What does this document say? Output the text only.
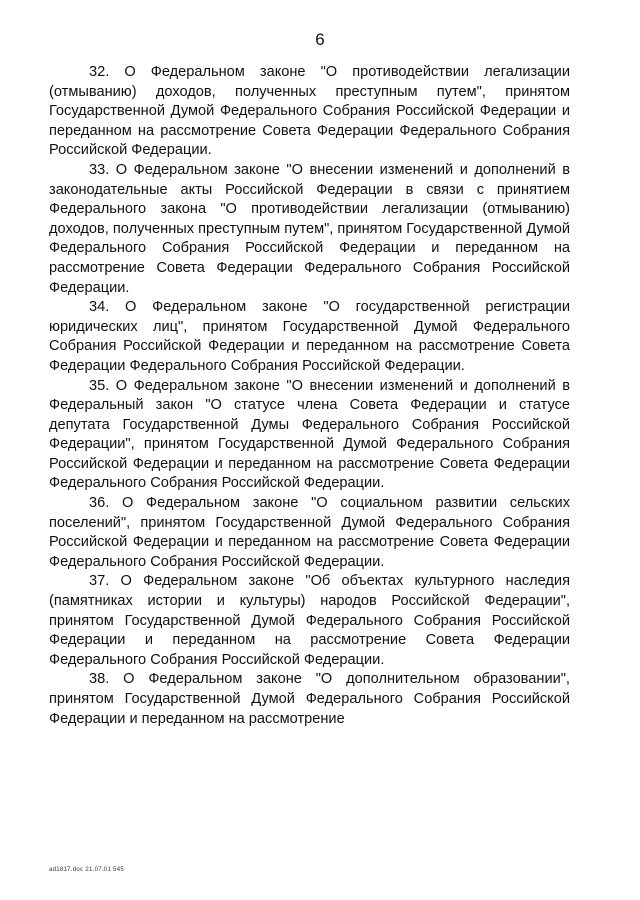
6

32. О Федеральном законе "О противодействии легализации (отмыванию) доходов, полученных преступным путем", принятом Государственной Думой Федерального Собрания Российской Федерации и переданном на рассмотрение Совета Федерации Федерального Собрания Российской Федерации.

33. О Федеральном законе "О внесении изменений и дополнений в законодательные акты Российской Федерации в связи с принятием Федерального закона "О противодействии легализации (отмыванию) доходов, полученных преступным путем", принятом Государственной Думой Федерального Собрания Российской Федерации и переданном на рассмотрение Совета Федерации Федерального Собрания Российской Федерации.

34. О Федеральном законе "О государственной регистрации юридических лиц", принятом Государственной Думой Федерального Собрания Российской Федерации и переданном на рассмотрение Совета Федерации Федерального Собрания Российской Федерации.

35. О Федеральном законе "О внесении изменений и дополнений в Федеральный закон "О статусе члена Совета Федерации и статусе депутата Государственной Думы Федерального Собрания Российской Федерации", принятом Государственной Думой Федерального Собрания Российской Федерации и переданном на рассмотрение Совета Федерации Федерального Собрания Российской Федерации.

36. О Федеральном законе "О социальном развитии сельских поселений", принятом Государственной Думой Федерального Собрания Российской Федерации и переданном на рассмотрение Совета Федерации Федерального Собрания Российской Федерации.

37. О Федеральном законе "Об объектах культурного наследия (памятниках истории и культуры) народов Российской Федерации", принятом Государственной Думой Федерального Собрания Российской Федерации и переданном на рассмотрение Совета Федерации Федерального Собрания Российской Федерации.

38. О Федеральном законе "О дополнительном образовании", принятом Государственной Думой Федерального Собрания Российской Федерации и переданном на рассмотрение

ad1817.doc 21.07.01 545
